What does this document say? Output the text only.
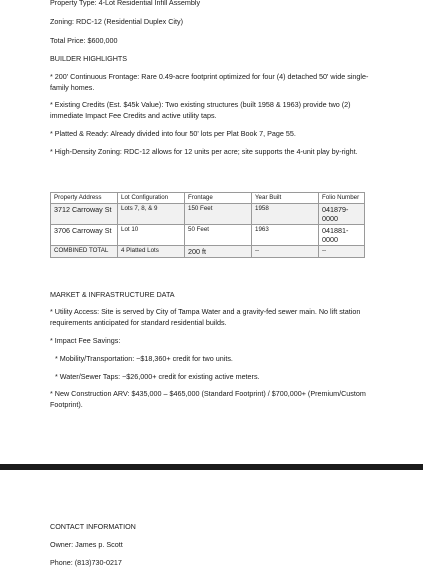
Property Type: 4-Lot Residential Infill Assembly

Zoning: RDC-12 (Residential Duplex City)

Total Price: $600,000

BUILDER HIGHLIGHTS

* 200' Continuous Frontage: Rare 0.49-acre footprint optimized for four (4) detached 50' wide single-family homes.

* Existing Credits (Est. $45k Value): Two existing structures (built 1958 & 1963) provide two (2) immediate Impact Fee Credits and active utility taps.

* Platted & Ready: Already divided into four 50' lots per Plat Book 7, Page 55.

* High-Density Zoning: RDC-12 allows for 12 units per acre; site supports the 4-unit play by-right.

Property Address	Lot Configuration	Frontage	Year Built	Folio Number
3712 Carroway St	Lots 7, 8, & 9	150 Feet	1958	041879-0000
3706 Carroway St	Lot 10	50 Feet	1963	041881-0000
COMBINED TOTAL	4 Platted Lots	200 ft	--	--

MARKET & INFRASTRUCTURE DATA

* Utility Access: Site is served by City of Tampa Water and a gravity-fed sewer main. No lift station requirements anticipated for standard residential builds.

* Impact Fee Savings:

* Mobility/Transportation: ~$18,360+ credit for two units.

* Water/Sewer Taps: ~$26,000+ credit for existing active meters.

* New Construction ARV: $435,000 – $465,000 (Standard Footprint) / $700,000+ (Premium/Custom Footprint).

CONTACT INFORMATION

Owner: James p. Scott

Phone: (813)730-0217
